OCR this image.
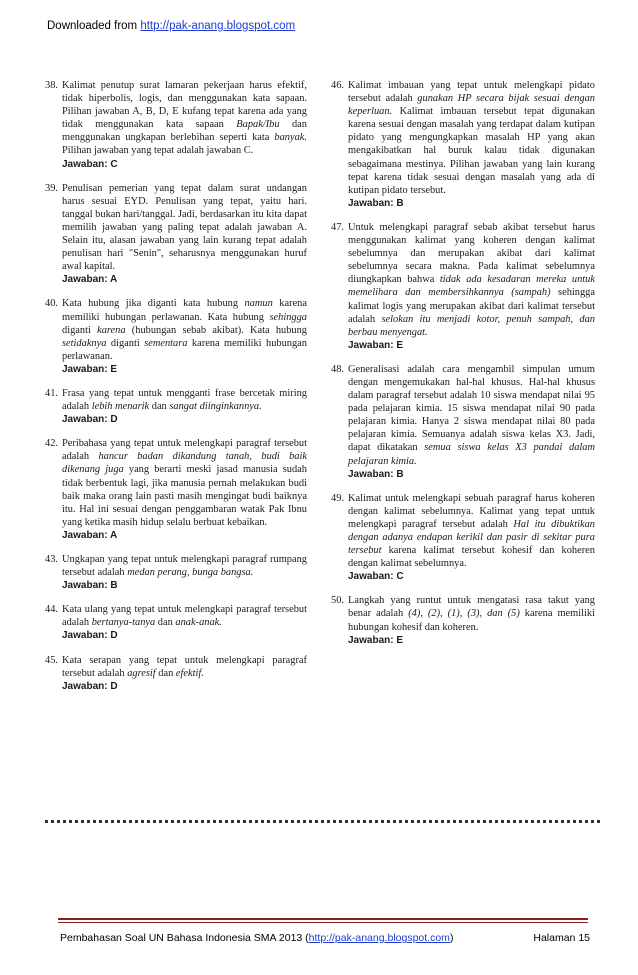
Downloaded from http://pak-anang.blogspot.com
38. Kalimat penutup surat lamaran pekerjaan harus efektif, tidak hiperbolis, logis, dan menggunakan kata sapaan. Pilihan jawaban A, B, D, E kufang tepat karena ada yang tidak menggunakan kata sapaan Bapak/Ibu dan menggunakan ungkapan berlebihan seperti kata banyak. Pilihan jawaban yang tepat adalah jawaban C.
Jawaban: C
39. Penulisan pemerian yang tepat dalam surat undangan harus sesuai EYD. Penulisan yang tepat, yaitu hari. tanggal bukan hari/tanggal. Jadi, berdasarkan itu kita dapat memilih jawaban yang paling tepat adalah jawaban A. Selain itu, alasan jawaban yang lain kurang tepat adalah penulisan hari "Senin", seharusnya menggunakan huruf awal kapital.
Jawaban: A
40. Kata hubung jika diganti kata hubung namun karena memiliki hubungan perlawanan. Kata hubung sehingga diganti karena (hubungan sebab akibat). Kata hubung setidaknya diganti sementara karena memiliki hubungan perlawanan.
Jawaban: E
41. Frasa yang tepat untuk mengganti frase bercetak miring adalah lebih menarik dan sangat diinginkannya.
Jawaban: D
42. Peribahasa yang tepat untuk melengkapi paragraf tersebut adalah hancur badan dikandung tanah, budi baik dikenang juga yang berarti meski jasad manusia sudah tidak berbentuk lagi, jika manusia pernah melakukan budi baik maka orang lain pasti masih mengingat budi baiknya itu. Hal ini sesuai dengan penggambaran watak Pak Ibnu yang ketika masih hidup selalu berbuat kebaikan.
Jawaban: A
43. Ungkapan yang tepat untuk melengkapi paragraf rumpang tersebut adalah medan perang, bunga bangsa.
Jawaban: B
44. Kata ulang yang tepat untuk melengkapi paragraf tersebut adalah bertanya-tanya dan anak-anak.
Jawaban: D
45. Kata serapan yang tepat untuk melengkapi paragraf tersebut adalah agresif dan efektif.
Jawaban: D
46. Kalimat imbauan yang tepat untuk melengkapi pidato tersebut adalah gunakan HP secara bijak sesuai dengan keperluan. Kalimat imbauan tersebut tepat digunakan karena sesuai dengan masalah yang terdapat dalam kutipan pidato yang mengungkapkan masalah HP yang akan mengakibatkan hal buruk kalau tidak digunakan sebagaimana mestinya. Pilihan jawaban yang lain kurang tepat karena tidak sesuai dengan masalah yang ada di kutipan pidato tersebut.
Jawaban: B
47. Untuk melengkapi paragraf sebab akibat tersebut harus menggunakan kalimat yang koheren dengan kalimat sebelumnya dan merupakan akibat dari kalimat sebelumnya secara makna. Pada kalimat sebelumnya diungkapkan bahwa tidak ada kesadaran mereka untuk memelihara dan membersihkannya (sampah) sehingga kalimat logis yang merupakan akibat dari kalimat tersebut adalah selokan itu menjadi kotor, penuh sampah, dan berbau menyengat.
Jawaban: E
48. Generalisasi adalah cara mengambil simpulan umum dengan mengemukakan hal-hal khusus. Hal-hal khusus dalam paragraf tersebut adalah 10 siswa mendapat nilai 95 pada pelajaran kimia. 15 siswa mendapat nilai 90 pada pelajaran kimia. Hanya 2 siswa mendapat nilai 80 pada pelajaran kimia. Semuanya adalah siswa kelas X3. Jadi, dapat dikatakan semua siswa kelas X3 pandai dalam pelajaran kimia.
Jawaban: B
49. Kalimat untuk melengkapi sebuah paragraf harus koheren dengan kalimat sebelumnya. Kalimat yang tepat untuk melengkapi paragraf tersebut adalah Hal itu dibuktikan dengan adanya endapan kerikil dan pasir di sekitar pura tersebut karena kalimat tersebut kohesif dan koheren dengan kalimat sebelumnya.
Jawaban: C
50. Langkah yang runtut untuk mengatasi rasa takut yang benar adalah (4), (2), (1), (3), dan (5) karena memiliki hubungan kohesif dan koheren.
Jawaban: E
Pembahasan Soal UN Bahasa Indonesia SMA 2013 (http://pak-anang.blogspot.com)	Halaman 15
